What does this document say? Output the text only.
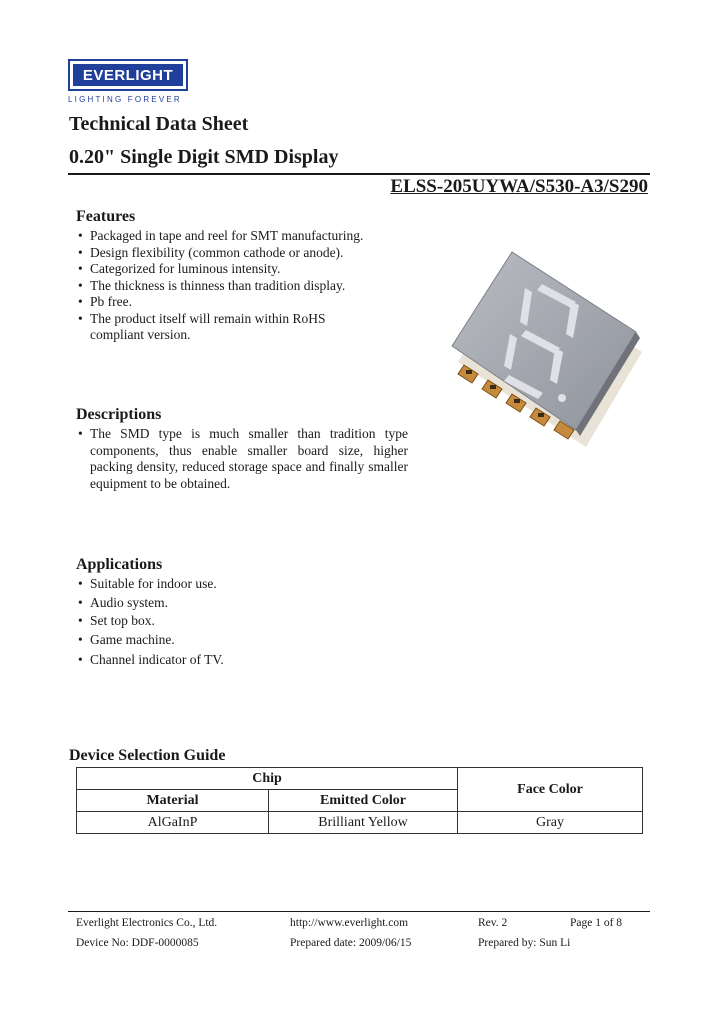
EVERLIGHT
LIGHTING FOREVER
Technical Data Sheet
0.20" Single Digit SMD Display
ELSS-205UYWA/S530-A3/S290
Features
• Packaged in tape and reel for SMT manufacturing.
• Design flexibility (common cathode or anode).
• Categorized for luminous intensity.
• The thickness is thinness than tradition display.
• Pb free.
• The product itself will remain within RoHS compliant version.
Descriptions
• The SMD type is much smaller than tradition type components, thus enable smaller board size, higher packing density, reduced storage space and finally smaller equipment to be obtained.
Applications
• Suitable for indoor use.
• Audio system.
• Set top box.
• Game machine.
• Channel indicator of TV.
Device Selection Guide
Chip		Face Color
Material	Emitted Color	
AlGaInP	Brilliant Yellow	Gray
Everlight Electronics Co., Ltd.	http://www.everlight.com	Rev. 2	Page 1 of 8
Device No: DDF-0000085	Prepared date: 2009/06/15	Prepared by: Sun Li
